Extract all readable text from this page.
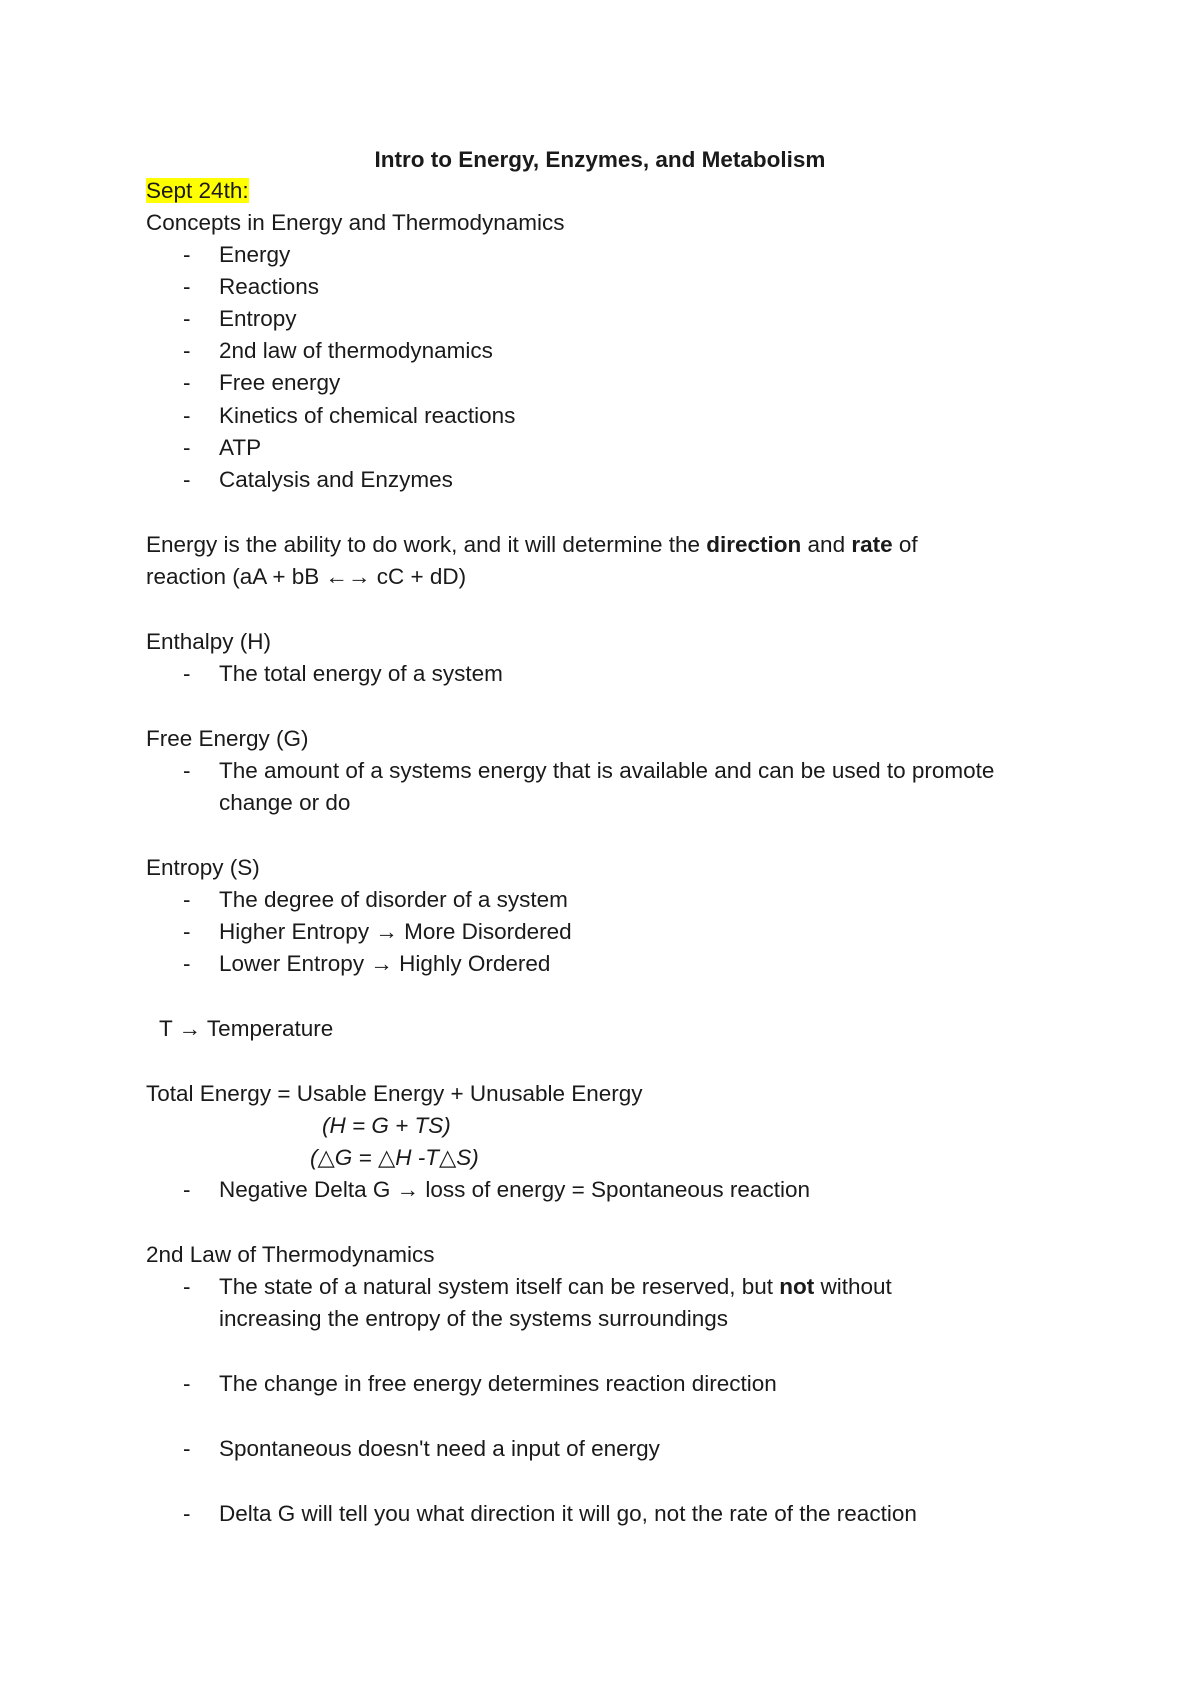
Intro to Energy, Enzymes, and Metabolism
Sept 24th:
Concepts in Energy and Thermodynamics
- Energy
- Reactions
- Entropy
- 2nd law of thermodynamics
- Free energy
- Kinetics of chemical reactions
- ATP
- Catalysis and Enzymes
Energy is the ability to do work, and it will determine the direction and rate of
reaction (aA + bB ←→ cC + dD)
Enthalpy (H)
- The total energy of a system
Free Energy (G)
- The amount of a systems energy that is available and can be used to promote
change or do
Entropy (S)
- The degree of disorder of a system
- Higher Entropy → More Disordered
- Lower Entropy → Highly Ordered
T → Temperature
Total Energy = Usable Energy + Unusable Energy
(H = G + TS)
(△G = △H -T△S)
- Negative Delta G → loss of energy = Spontaneous reaction
2nd Law of Thermodynamics
- The state of a natural system itself can be reserved, but not without
increasing the entropy of the systems surroundings
- The change in free energy determines reaction direction
- Spontaneous doesn't need a input of energy
- Delta G will tell you what direction it will go, not the rate of the reaction
